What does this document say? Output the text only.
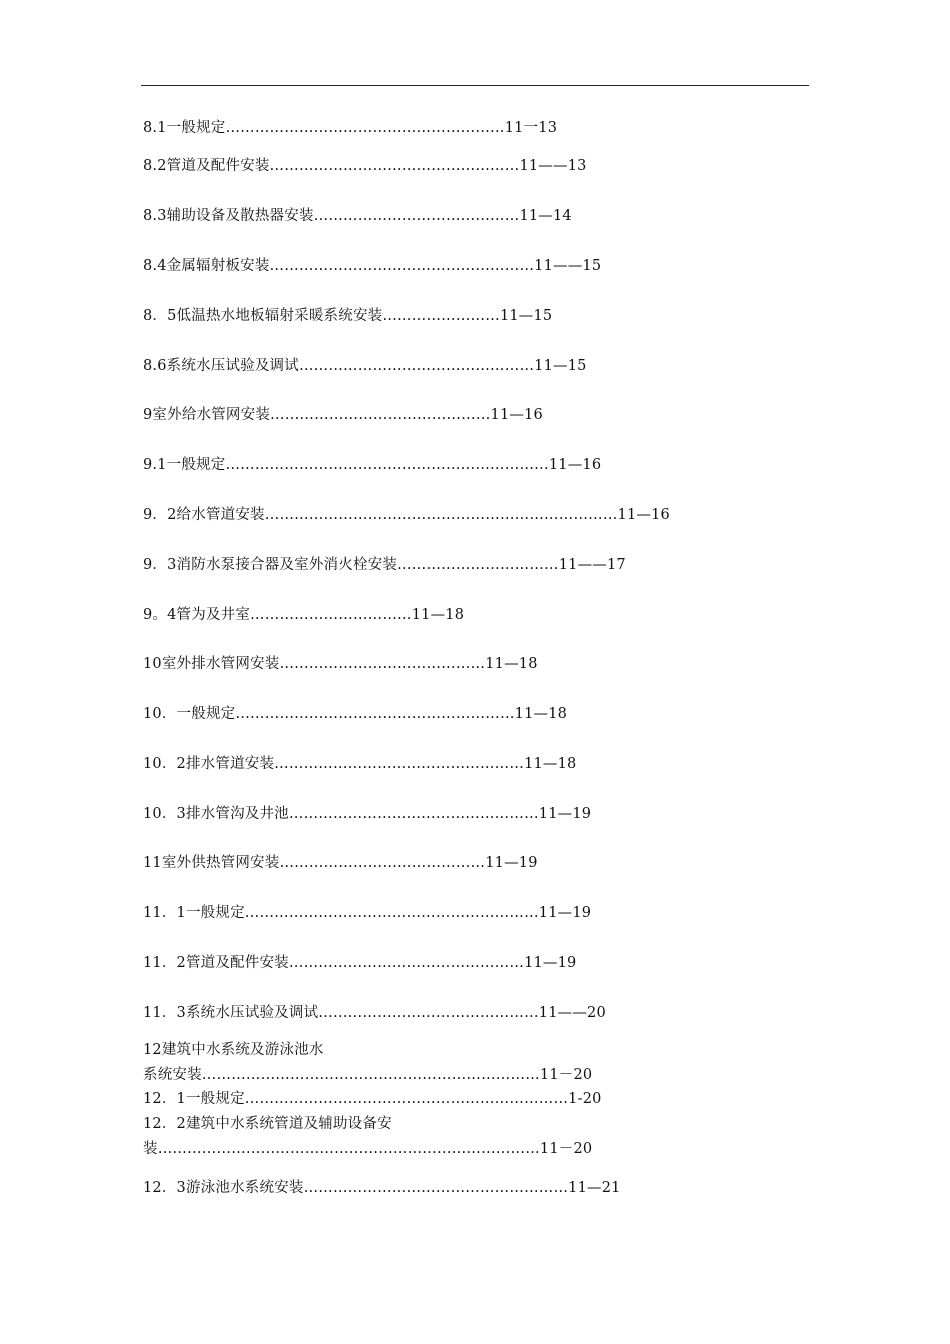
8.1一般规定…………………………………………………11一13
8.2管道及配件安装……………………………………………11——13
8.3辅助设备及散热器安装……………………………………11—14
8.4金属辐射板安装………………………………………………11——15
8．5低温热水地板辐射采暖系统安装……………………11—15
8.6系统水压试验及调试…………………………………………11—15
9室外给水管网安装………………………………………11—16
9.1一般规定…………………………………………………………11—16
9．2给水管道安装………………………………………………………………11—16
9．3消防水泵接合器及室外消火栓安装……………………………11——17
9。4管为及井室……………………………11—18
10室外排水管网安装……………………………………11—18
10．一般规定…………………………………………………11—18
10．2排水管道安装……………………………………………11—18
10．3排水管沟及井池……………………………………………11—19
11室外供热管网安装……………………………………11—19
11．1一般规定……………………………………………………11—19
11．2管道及配件安装…………………………………………11—19
11．3系统水压试验及调试………………………………………11——20
12建筑中水系统及游泳池水
系统安装……………………………………………………………11－20
12．1一般规定…………………………………………………………1-20
12．2建筑中水系统管道及辅助设备安
装……………………………………………………………………11－20
12．3游泳池水系统安装………………………………………………11—21
